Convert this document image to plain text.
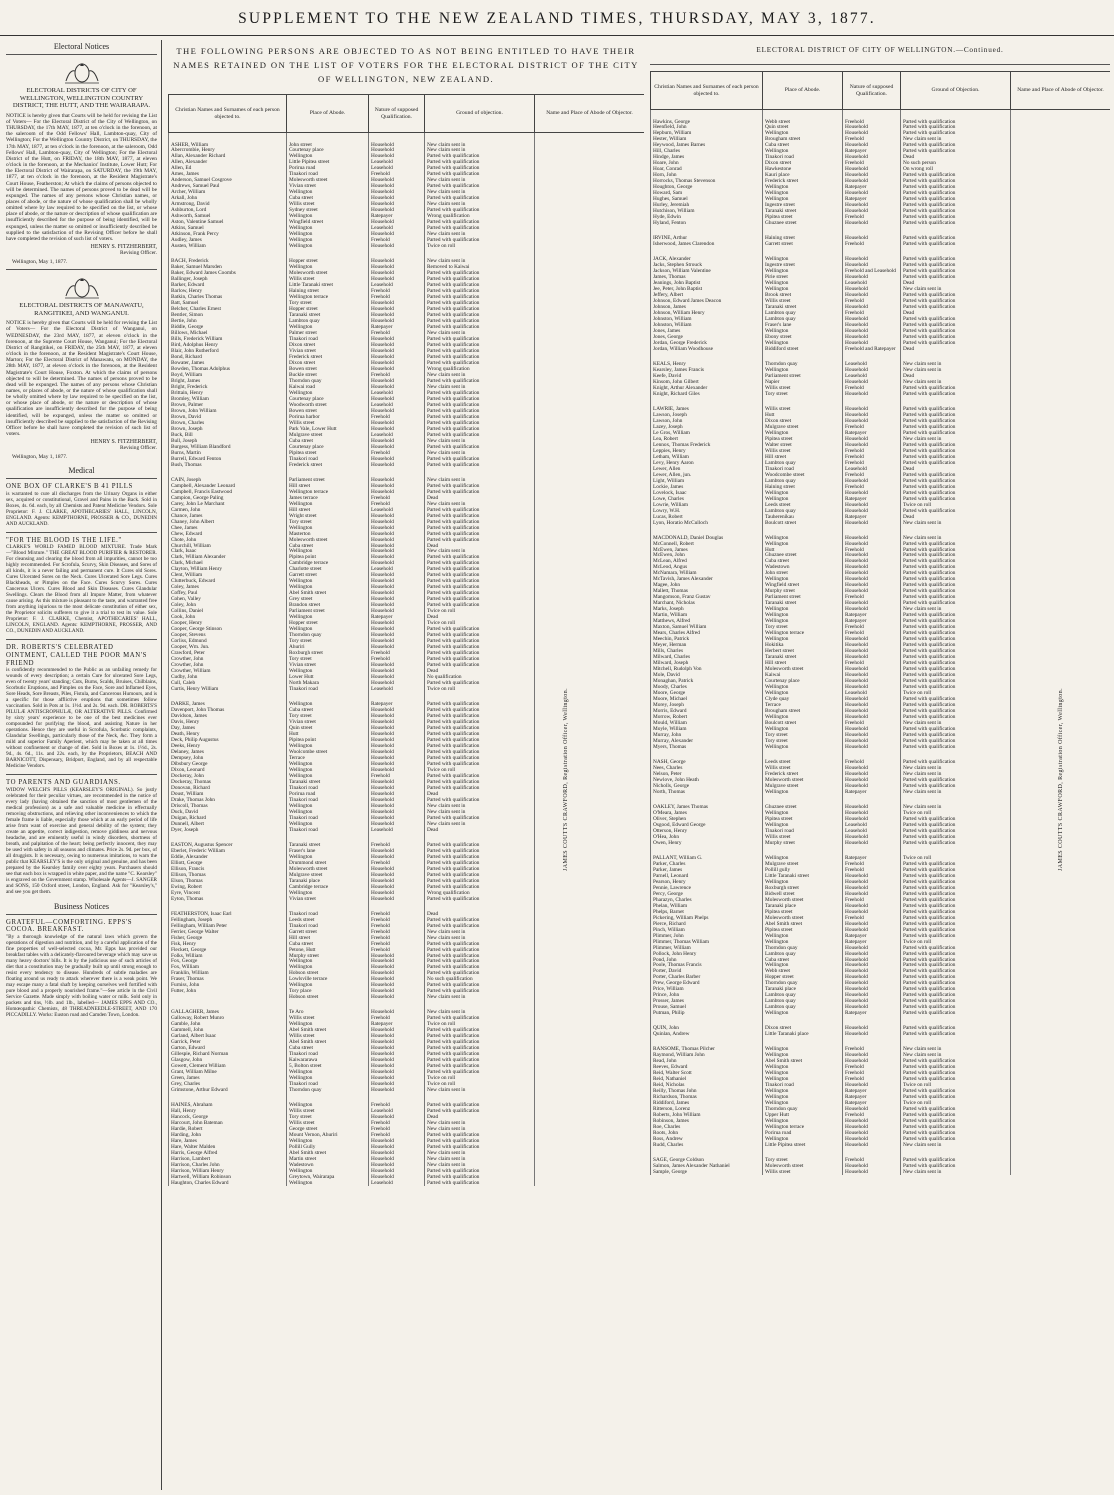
SUPPLEMENT TO THE NEW ZEALAND TIMES, THURSDAY, MAY 3, 1877.
Electoral Notices
ELECTORAL DISTRICTS OF CITY OF WELLINGTON, WELLINGTON COUNTRY DISTRICT, THE HUTT, AND THE WAIRARAPA.
NOTICE is hereby given that Courts will be held for revising the List of Voters— For the Electoral District of the City of Wellington, on THURSDAY, the 17th MAY, 1877, at ten o'clock in the forenoon, at the saleroom of the Odd Fellows' Hall, Lambton-quay, City of Wellington; For the Wellington Country District, on THURSDAY, the 17th MAY, 1877, at ten o'clock in the forenoon, at the saleroom, Odd Fellows' Hall, Lambton-quay, City of Wellington; For the Electoral District of the Hutt, on FRIDAY, the 18th MAY, 1877, at eleven o'clock in the forenoon, at the Mechanics' Institute, Lower Hutt; For the Electoral District of Wairarapa, on SATURDAY, the 19th MAY, 1877, at ten o'clock in the forenoon, at the Resident Magistrate's Court House, Featherston; At which the claims of persons objected to will be determined. The names of persons proved to be dead will be expunged. The names of any persons whose Christian names, or places of abode, or the nature of whose qualification shall be wholly omitted where by law required to be specified on the list, or whose place of abode, or the nature or description of whose qualification are insufficiently described for the purpose of being identified, will be expunged, unless the matter so omitted or insufficiently described be supplied to the satisfaction of the Revising Officer before he shall have completed the revision of such list of voters.
HENRY S. FITZHERBERT,
Revising Officer.
Wellington, May 1, 1877.
ELECTORAL DISTRICTS OF MANAWATU, RANGITIKEI, AND WANGANUI.
NOTICE is hereby given that Courts will be held for revising the List of Voters— For the Electoral District of Wanganui, on WEDNESDAY, the 23rd MAY, 1877, at eleven o'clock in the forenoon, at the Supreme Court House, Wanganui; For the Electoral District of Rangitikei, on FRIDAY, the 25th MAY, 1877, at eleven o'clock in the forenoon, at the Resident Magistrate's Court House, Marton; For the Electoral District of Manawatu, on MONDAY, the 28th MAY, 1877, at eleven o'clock in the forenoon, at the Resident Magistrate's Court House, Foxton. At which the claims of persons objected to will be determined. The names of persons proved to be dead will be expunged. The names of any persons whose Christian names, or places of abode, or the nature of whose qualification shall be wholly omitted where by law required to be specified on the list, or whose place of abode, or the nature or description of whose qualification are insufficiently described for the purpose of being identified, will be expunged, unless the matter so omitted or insufficiently described be supplied to the satisfaction of the Revising Officer before he shall have completed the revision of such list of voters.
HENRY S. FITZHERBERT,
Revising Officer.
Wellington, May 1, 1877.
Medical
ONE BOX OF CLARKE'S B 41 PILLS
is warranted to cure all discharges from the Urinary Organs in either sex, acquired or constitutional, Gravel and Pains in the Back. Sold in Boxes, 4s. 6d. each, by all Chemists and Patent Medicine Vendors. Sole Proprietor: F. J. CLARKE, APOTHECARIES' HALL, LINCOLN, ENGLAND. Agents: KEMPTHORNE, PROSSER & CO., DUNEDIN AND AUCKLAND.
"FOR THE BLOOD IS THE LIFE."
CLARKE'S WORLD FAMED BLOOD MIXTURE. Trade Mark—"Blood Mixture." THE GREAT BLOOD PURIFIER & RESTORER. For cleansing and clearing the blood from all impurities, cannot be too highly recommended. For Scrofula, Scurvy, Skin Diseases, and Sores of all kinds, it is a never failing and permanent cure. It Cures old Sores. Cures Ulcerated Sores on the Neck. Cures Ulcerated Sore Legs. Cures Blackheads, or Pimples on the Face. Cures Scurvy Sores. Cures Cancerous Ulcers. Cures Blood and Skin Diseases. Cures Glandular Swellings. Clears the Blood from all Impure Matter, from whatever cause arising. As this mixture is pleasant to the taste, and warranted free from anything injurious to the most delicate constitution of either sex, the Proprietor solicits sufferers to give it a trial to test its value. Sole Proprietor: F. J. CLARKE, Chemist, APOTHECARIES' HALL, LINCOLN, ENGLAND. Agents: KEMPTHORNE, PROSSER, AND CO., DUNEDIN AND AUCKLAND.
DR. ROBERTS'S CELEBRATED OINTMENT, CALLED THE POOR MAN'S FRIEND
is confidently recommended to the Public as an unfailing remedy for wounds of every description; a certain Cure for ulcerated Sore Legs, even of twenty years' standing; Cuts, Burns, Scalds, Bruises, Chilblains, Scorbutic Eruptions, and Pimples on the Face, Sore and Inflamed Eyes, Sore Heads, Sore Breasts, Piles, Fistula, and Cancerous Humours, and is a specific for those afflictive eruptions that sometimes follow vaccination. Sold in Pots at 1s. 1½d. and 2s. 9d. each. DR. ROBERTS'S PILULÆ ANTISCROPHULÆ, OR ALTERATIVE PILLS. Confirmed by sixty years' experience to be one of the best medicines ever compounded for purifying the blood, and assisting Nature in her operations. Hence they are useful in Scrofula, Scorbutic complaints, Glandular Swellings, particularly those of the Neck, &c. They form a mild and superior Family Aperient, which may be taken at all times without confinement or change of diet. Sold in Boxes at 1s. 1½d., 2s. 9d., 4s. 6d., 11s. and 22s. each, by the Proprietors, BEACH AND BARNICOTT, Dispensary, Bridport, England, and by all respectable Medicine Vendors.
TO PARENTS AND GUARDIANS.
WIDOW WELCH'S PILLS (KEARSLEY'S ORIGINAL). So justly celebrated for their peculiar virtues, are recommended in the notice of every lady (having obtained the sanction of most gentlemen of the medical profession) as a safe and valuable medicine in effectually removing obstructions, and relieving other inconveniences to which the female frame is liable, especially those which at an early period of life arise from want of exercise and general debility of the system; they create an appetite, correct indigestion, remove giddiness and nervous headache, and are eminently useful in windy disorders, shortness of breath, and palpitation of the heart; being perfectly innocent, they may be used with safety in all seasons and climates. Price 2s. 9d. per box, of all druggists. It is necessary, owing to numerous imitations, to warn the public that KEARSLEY'S is the only original and genuine, and has been prepared by the Kearsley family over eighty years. Purchasers should see that each box is wrapped in white paper, and the name "C. Kearsley" is engraved on the Government stamp. Wholesale Agents—J. SANGER and SONS, 150 Oxford street, London, England. Ask for "Kearsley's," and see you get them.
Business Notices
GRATEFUL—COMFORTING. EPPS'S COCOA. BREAKFAST.
"By a thorough knowledge of the natural laws which govern the operations of digestion and nutrition, and by a careful application of the fine properties of well-selected cocoa, Mr. Epps has provided our breakfast tables with a delicately-flavoured beverage which may save us many heavy doctors' bills. It is by the judicious use of such articles of diet that a constitution may be gradually built up until strong enough to resist every tendency to disease. Hundreds of subtle maladies are floating around us ready to attack wherever there is a weak point. We may escape many a fatal shaft by keeping ourselves well fortified with pure blood and a properly nourished frame."—See article in the Civil Service Gazette. Made simply with boiling water or milk. Sold only in packets and tins, ½lb. and 1lb., labelled— JAMES EPPS AND CO., Homœopathic Chemists, 48 THREADNEEDLE-STREET, AND 170 PICCADILLY. Works: Euston road and Camden Town, London.
THE FOLLOWING PERSONS ARE OBJECTED TO AS NOT BEING ENTITLED TO HAVE THEIR NAMES RETAINED ON THE LIST OF VOTERS FOR THE ELECTORAL DISTRICT OF THE CITY OF WELLINGTON, NEW ZEALAND.
Christian Names and Surnames of each person objected to.	Place of Abode.	Nature of supposed Qualification.	Ground of objection.	Name and Place of Abode of Objector.

ASHER, William	John street	Household	New claim sent in	
Abercrombie, Henry	Courtenay place	Household	New claim sent in	
Allan, Alexander Richard	Wellington	Household	Parted with qualification	
Allen, Alexander	Little Pipitea street	Leasehold	Parted with qualification	
Allen, Ed	Porirua road	Leasehold	Parted with qualification	
Ames, James	Tinakori road	Freehold	Parted with qualification	
Anderson, Samuel Cosgrove	Molesworth street	Household	New claim sent in	
Andrews, Samuel Paul	Vivian street	Household	Parted with qualification	
Archer, William	Wellington	Household	New claim sent in	
Arkall, John	Cuba street	Household	Parted with qualification	
Armstrong, David	Willis street	Household	New claim sent in	
Ashburton, Lord	Sydney street	Household	Parted with qualification	
Ashworth, Samuel	Wellington	Ratepayer	Wrong qualification	
Aston, Valentine Samuel	Wingfield street	Household	Parted with qualification	
Atkins, Samuel	Wellington	Leasehold	Parted with qualification	
Atkinson, Frank Percy	Wellington	Household	New claim sent in	
Audley, James	Wellington	Freehold	Parted with qualification	
Austen, William	Wellington	Household	Twice on roll	

BACH, Frederick	Hopper street	Household	New claim sent in	
Baker, Samuel Marsden	Wellington	Household	Removed to Kaiwai	
Baker, Edward James Coombs	Molesworth street	Household	Parted with qualification	
Ballinger, Joseph	Willis street	Household	Parted with qualification	
Barker, Edward	Little Taranaki street	Leasehold	Parted with qualification	
Barlow, Henry	Haining street	Freehold	Parted with qualification	
Batkin, Charles Thomas	Wellington terrace	Freehold	Parted with qualification	
Batt, Samuel	Tory street	Household	Parted with qualification	
Belcher, Charles Ernest	Hopper street	Household	Parted with qualification	
Bentler, Simon	Taranaki street	Household	Parted with qualification	
Bertie, John	Lambton quay	Household	Parted with qualification	
Biddle, George	Wellington	Ratepayer	Parted with qualification	
Billows, Michael	Palmer street	Freehold	New claim sent in	
Bills, Frederick William	Tinakori road	Household	Parted with qualification	
Bird, Adolphus Henry	Dixon street	Household	Parted with qualification	
Blair, John Rutherford	Vivian street	Household	Parted with qualification	
Bond, Richard	Frederick street	Household	Parted with qualification	
Bowater, James	Dixon street	Household	Parted with qualification	
Bowden, Thomas Adolphus	Bowen street	Household	Wrong qualification	
Boyd, William	Buckle street	Freehold	New claim sent in	
Bright, James	Thorndon quay	Household	Parted with qualification	
Bright, Frederick	Kaiwai road	Household	New claim sent in	
Brittain, Henry	Wellington	Leasehold	Parted with qualification	
Bromley, William	Courtenay place	Household	Parted with qualification	
Brown, Palmer	Woodworth street	Leasehold	Parted with qualification	
Brown, John William	Bowen street	Household	Parted with qualification	
Brown, David	Porirua harbor	Freehold	Parted with qualification	
Brown, Charles	Willis street	Household	Parted with qualification	
Brown, Joseph	Park Vale, Lower Hutt	Household	Parted with qualification	
Buck, Bill	Mulgrave street	Leasehold	Parted with qualification	
Bull, Joseph	Cuba street	Household	New claim sent in	
Burgess, William Blandford	Courtenay place	Household	Parted with qualification	
Burns, Martin	Pipitea street	Freehold	New claim sent in	
Burrell, Edward Fenton	Tinakori road	Household	Parted with qualification	
Bush, Thomas	Frederick street	Household	Parted with qualification	

CAIN, Joseph	Parliament street	Household	New claim sent in	
Campbell, Alexander Leonard	Hill street	Household	Parted with qualification	
Campbell, Francis Eastwood	Wellington terrace	Household	Parted with qualification	
Campion, George Paling	James terrace	Freehold	Dead	
Carey, John Le Marchant	Wellington	Freehold	New claim sent in	
Carmen, John	Hill street	Leasehold	Parted with qualification	
Chance, James	Wright street	Household	Parted with qualification	
Chaney, John Albert	Tory street	Household	Parted with qualification	
Chee, James	Wellington	Household	Parted with qualification	
Chew, Edward	Masterton	Household	Parted with qualification	
Chote, John	Molesworth street	Household	Parted with qualification	
Churchill, William	Cuba street	Household	Dead	
Clark, Isaac	Wellington	Household	New claim sent in	
Clark, William Alexander	Pipitea point	Household	Parted with qualification	
Clark, Michael	Cambridge terrace	Household	Parted with qualification	
Clayton, William Henry	Charlotte street	Leasehold	Parted with qualification	
Clent, William	Garrett street	Household	Parted with qualification	
Clutterbuck, Edward	Wellington	Household	Parted with qualification	
Coley, James	Wellington	Household	Parted with qualification	
Coffey, Paul	Abel Smith street	Household	Parted with qualification	
Cohen, Valley	Grey street	Household	Parted with qualification	
Coley, John	Brandon street	Household	Parted with qualification	
Collins, Daniel	Parliament street	Household	Twice on roll	
Cook, John	Wellington	Ratepayer	Dead	
Cooper, Henry	Hopper street	Household	Twice on roll	
Cooper, George Stinson	Wellington	Household	Parted with qualification	
Cooper, Stevens	Thorndon quay	Household	Parted with qualification	
Corliss, Edmund	Tory street	Household	Parted with qualification	
Cooper, Wm. Jun.	Ahuriri	Household	Parted with qualification	
Crawford, Peter	Roxburgh street	Freehold	Parted with qualification	
Crowther, John	Tory street	Freehold	Parted with qualification	
Crowther, John	Vivian street	Household	Parted with qualification	
Crowther, William	Wellington	Household	Dead	
Cudby, John	Lower Hutt	Household	No qualification	
Cull, Caleb	North Makara	Household	Parted with qualification	
Curtis, Henry William	Tinakori road	Leasehold	Twice on roll	

DARKE, James	Wellington	Ratepayer	Parted with qualification	
Davenport, John Thomas	Cuba street	Household	Parted with qualification	
Davidson, James	Tory street	Household	Parted with qualification	
Davis, Henry	Vivian street	Household	Parted with qualification	
Day, James	Quin street	Household	Parted with qualification	
Death, Henry	Hutt	Household	Parted with qualification	
Deck, Philip Augustus	Pipitea point	Household	Parted with qualification	
Deeks, Henry	Wellington	Household	Parted with qualification	
Delaney, James	Woolcombe street	Household	Parted with qualification	
Dempsey, John	Terrace	Household	Parted with qualification	
Dibsbury George	Wellington	Household	Parted with qualification	
Dixon, Leonard	Wellington	Household	Twice on roll	
Dockeray, John	Wellington	Freehold	Parted with qualification	
Dockeray, Thomas	Taranaki street	Household	Parted with qualification	
Donovan, Richard	Tinakori road	Household	Parted with qualification	
Doust, William	Porirua road	Household	Dead	
Drake, Thomas John	Tinakori road	Household	Parted with qualification	
Driscoll, Thomas	Wellington	Household	New claim sent in	
Duck, David	Wellington	Household	New claim sent in	
Duigan, Richard	Tinakori road	Household	Parted with qualification	
Dunnell, Albert	Wellington	Household	New claim sent in	
Dyer, Joseph	Tinakori road	Leasehold	Dead	

EASTON, Augustus Spencer	Taranaki street	Freehold	Parted with qualification	
Eberlet, Frederic William	Fraser's lane	Household	Parted with qualification	
Eddie, Alexander	Wellington	Household	Parted with qualification	
Elliott, George	Drummond street	Freehold	Parted with qualification	
Ellison, Francis	Molesworth street	Household	Parted with qualification	
Ellison, Thomas	Mulgrave street	Household	Parted with qualification	
Elson, Thomas	Taranaki place	Household	Parted with qualification	
Ewing, Robert	Cambridge terrace	Household	Parted with qualification	
Eyre, Vincent	Wellington	Household	Wrong qualification	
Eyton, Thomas	Vivian street	Household	Parted with qualification	

FEATHERSTON, Isaac Earl	Tinakori road	Freehold	Dead	
Fellingham, Joseph	Leeds street	Freehold	Parted with qualification	
Fellingham, William Peter	Tinakori road	Freehold	Parted with qualification	
Ferrier, George Walter	Garrett street	Freehold	New claim sent in	
Fisher, George	Hill street	Freehold	New claim sent in	
Fisk, Henry	Cuba street	Freehold	Parted with qualification	
Fleckett, George	Petone, Hutt	Freehold	Parted with qualification	
Folks, William	Murphy street	Household	Parted with qualification	
Fox, George	Wellington	Household	Parted with qualification	
Fox, William	Wellington	Household	Parted with qualification	
Franklin, William	Hobson street	Household	Parted with qualification	
Fraser, Thomas	Lowlsville terrace	Household	No such qualification	
Furniss, John	Wellington	Household	Parted with qualification	
Futter, John	Tory place	Household	Parted with qualification	
	Hobson street	Household	New claim sent in	

GALLAGHER, James	Te Aro	Household	New claim sent in	
Galloway, Robert Munro	Willis street	Freehold	Parted with qualification	
Gamble, John	Wellington	Ratepayer	Twice on roll	
Gammell, John	Abel Smith street	Household	Parted with qualification	
Garland, Albert Isaac	Willis street	Household	Parted with qualification	
Garrick, Peter	Abel Smith street	Household	Parted with qualification	
Garton, Edward	Cuba street	Household	Parted with qualification	
Gillespie, Richard Norman	Tinakori road	Household	Parted with qualification	
Glasgow, John	Kaiwararawa	Household	Parted with qualification	
Gowett, Clement William	5, Bolton street	Household	Parted with qualification	
Grant, William Milne	Wellington	Household	Parted with qualification	
Green, James	Wellington	Household	Twice on roll	
Grey, Charles	Tinakori road	Household	Twice on roll	
Grimstone, Arthur Edward	Thorndon quay	Household	New claim sent in	

HAINES, Abraham	Wellington	Freehold	Parted with qualification	
Hall, Henry	Willis street	Leasehold	Parted with qualification	
Hancock, George	Tory street	Household	Dead	
Harcourt, John Bateman	Willis street	Freehold	New claim sent in	
Hardie, Robert	George street	Freehold	New claim sent in	
Harding, John	Mount Vernon, Ahuriri	Freehold	Parted with qualification	
Hare, James	Wellington	Household	Parted with qualification	
Hare, Walter Malden	Pollill Gully	Household	Parted with qualification	
Harris, George Alfred	Abel Smith street	Household	New claim sent in	
Harrison, Lambert	Martin street	Household	New claim sent in	
Harrison, Charles John	Wadestown	Household	New claim sent in	
Harrison, William Henry	Wellington	Household	Parted with qualification	
Hartwell, William Robinson	Greytown, Wairarapa	Household	Parted with qualification	
Haughton, Charles Edward	Wellington	Leasehold	Parted with qualification	
JAMES COUTTS CRAWFORD, Registration Officer, Wellington.
ELECTORAL DISTRICT OF CITY OF WELLINGTON.—Continued.
Christian Names and Surnames of each person objected to.	Place of Abode.	Nature of supposed Qualification.	Ground of Objection.	Name and Place of Abode of Objector.

Hawkins, George	Webb street	Freehold	Parted with qualification	
Heenfield, John	Quin street	Household	Parted with qualification	
Hepburn, William	Wellington	Household	Parted with qualification	
Hester, William	Brougham street	Freehold	New claim sent in	
Heywood, James Barnes	Cuba street	Household	Parted with qualification	
Hill, Charles	Wellington	Ratepayer	Parted with qualification	
Hindge, James	Tinakori road	Household	Dead	
Hoare, John	Dixon street	Freehold	No such person	
Hoar, Conrad	Hawkestone	Household	On wrong roll	
Horn, John	Kauri place	Household	Parted with qualification	
Horrocks, Thomas Stevenson	Frederick street	Household	Parted with qualification	
Houghton, George	Wellington	Ratepayer	Parted with qualification	
Howard, Sam	Wellington	Household	Parted with qualification	
Hughes, Samuel	Wellington	Ratepayer	Parted with qualification	
Hurley, Jeremiah	Ingestre street	Household	Parted with qualification	
Hutchison, William	Taranaki street	Household	Parted with qualification	
Hyde, Edwin	Pipitea street	Freehold	Parted with qualification	
Hyland, Fenton	Ghuznee street	Household	Parted with qualification	

IRVINE, Arthur	Haining street	Household	Parted with qualification	
Isherwood, James Clarendon	Garrett street	Freehold	Parted with qualification	

JACK, Alexander	Wellington	Household	Parted with qualification	
Jacks, Stephen Strouck	Ingestre street	Household	Parted with qualification	
Jackson, William Valentine	Wellington	Freehold and Leasehold	Parted with qualification	
James, Thomas	Pirie street	Household	Parted with qualification	
Jeanings, John Baptist	Wellington	Leasehold	Dead	
Jee, Peter, John Baptist	Wellington	Household	New claim sent in	
Jeffery, Albert	Brook street	Household	Parted with qualification	
Johnson, Edward James Deacon	Willis street	Freehold	Parted with qualification	
Johnson, James	Taranaki street	Household	Parted with qualification	
Johnson, William Henry	Lambton quay	Freehold	Dead	
Johnston, William	Lambton quay	Household	Parted with qualification	
Johnston, William	Fraser's lane	Household	Parted with qualification	
Jones, James	Wellington	Household	Parted with qualification	
Jones, George	Ebony street	Household	Parted with qualification	
Jordan, George Frederick	Wellington	Household	Parted with qualification	
Jordan, William Woodhouse	Biddiford street	Freehold and Ratepayer	Dead	

KEALS, Henry	Thorndon quay	Leasehold	New claim sent in	
Kearsley, James Francis	Wellington	Household	New claim sent in	
Keefe, David	Parliament street	Leasehold	Dead	
Kinsom, John Gilbert	Napier	Household	New claim sent in	
Knight, Arthur Alexander	Willis street	Freehold	Parted with qualification	
Knight, Richard Giles	Tory street	Household	Parted with qualification	

LAWRIE, James	Willis street	Household	Parted with qualification	
Lawson, Joseph	Hutt	Household	Parted with qualification	
Lawson, John	Dixon street	Household	Parted with qualification	
Lazey, Joseph	Mulgrave street	Freehold	Parted with qualification	
Le Gros, William	Wellington	Ratepayer	Parted with qualification	
Lea, Robert	Pipitea street	Household	New claim sent in	
Lennox, Thomas Frederick	Walter street	Household	Parted with qualification	
Leppies, Henry	Willis street	Freehold	Parted with qualification	
Letham, William	Hill street	Freehold	Parted with qualification	
Levy, Henry Aaron	Lambton quay	Freehold	Parted with qualification	
Lewer, Allen	Tinakori road	Leasehold	Dead	
Lewer, Allen, jun.	Woodcombe street	Freehold	Parted with qualification	
Light, William	Lambton quay	Household	Parted with qualification	
Lockie, James	Haining street	Freehold	Parted with qualification	
Lovelock, Isaac	Wellington	Household	Parted with qualification	
Lowe, Charles	Wellington	Ratepayer	Parted with qualification	
Lowrie, William	Leeds street	Household	Twice on roll	
Lowry, W.H.	Lambton quay	Household	Parted with qualification	
Lucas, Robert	Tauherenikau	Ratepayer	Dead	
Lyon, Horatio McCulloch	Boulcott street	Household	New claim sent in	

MACDONALD, Daniel Douglas	Wellington	Household	New claim sent in	
McConnell, Robert	Wellington	Household	Parted with qualification	
McEwen, James	Hutt	Freehold	Parted with qualification	
McEwen, John	Ghuznee street	Household	Parted with qualification	
McLean, Alfred	Cuba street	Household	Parted with qualification	
McLeod, Angus	Wadestown	Household	Parted with qualification	
McNamara, William	John street	Household	Parted with qualification	
McTavish, James Alexander	Wellington	Household	Parted with qualification	
Magee, John	Wingfield street	Household	Parted with qualification	
Mallett, Thomas	Murphy street	Household	Parted with qualification	
Mangomson, Franz Gustav	Parliament street	Freehold	Parted with qualification	
Marchant, Nicholas	Taranaki street	Household	Parted with qualification	
Marks, Joseph	Wellington	Household	New claim sent in	
Martin, William	Wellington	Ratepayer	Parted with qualification	
Matthews, Alfred	Wellington	Ratepayer	Parted with qualification	
Maxton, Samuel William	Tory street	Freehold	Parted with qualification	
Mears, Charles Alfred	Wellington terrace	Freehold	Parted with qualification	
Meechin, Patrick	Wellington	Household	Parted with qualification	
Meyer, Herman	Hokitika	Household	Parted with qualification	
Mills, Charles	Herbert street	Household	Parted with qualification	
Milward, Charles	Taranaki street	Household	Parted with qualification	
Milward, Joseph	Hill street	Freehold	Parted with qualification	
Mitchell, Rudolph Von	Molesworth street	Household	Parted with qualification	
Mole, David	Kaiwai	Household	Parted with qualification	
Monaghan, Patrick	Courtenay place	Household	Parted with qualification	
Moody, Charles	Wellington	Household	Parted with qualification	
Moore, George	Wellington	Leasehold	Twice on roll	
Moore, Michael	Clyde quay	Household	Parted with qualification	
Morey, Joseph	Terrace	Household	Parted with qualification	
Morris, Edward	Brougham street	Household	Parted with qualification	
Morrow, Robert	Wellington	Household	Parted with qualification	
Mould, William	Boulcott street	Freehold	New claim sent in	
Moyle, William	Wellington	Household	Parted with qualification	
Murray, John	Tory street	Household	Parted with qualification	
Murray, Alexander	Tory street	Household	Parted with qualification	
Myers, Thomas	Wellington	Household	Parted with qualification	

NASH, George	Leeds street	Freehold	Parted with qualification	
Nees, Charles	Willis street	Household	New claim sent in	
Nelson, Peter	Frederick street	Household	New claim sent in	
Newlove, John Heath	Molesworth street	Household	Parted with qualification	
Nicholls, George	Mulgrave street	Household	Parted with qualification	
North, Thomas	Wellington	Ratepayer	New claim sent in	

OAKLEY, James Thomas	Ghuznee street	Household	New claim sent in	
O'Meara, James	Wellington	Household	Twice on roll	
Oliver, Stephen	Pipitea street	Household	Parted with qualification	
Osgood, Edward George	Wellington	Leasehold	Parted with qualification	
Otterson, Henry	Tinakori road	Leasehold	Parted with qualification	
O'Hea, John	Willis street	Household	Parted with qualification	
Owen, Henry	Murphy street	Household	Parted with qualification	

PALLANT, William G.	Wellington	Ratepayer	Twice on roll	
Parker, Charles	Mulgrave street	Freehold	Parted with qualification	
Parker, James	Pollill gully	Freehold	Parted with qualification	
Parnell, Leonard	Little Taranaki street	Household	Parted with qualification	
Pearson, Henry	Wellington	Household	Parted with qualification	
Pennie, Lawrence	Roxburgh street	Household	Parted with qualification	
Percy, George	Bidwell street	Household	Parted with qualification	
Pharazyn, Charles	Molesworth street	Freehold	Parted with qualification	
Phelan, William	Taranaki place	Household	Parted with qualification	
Phelps, Barnet	Pipitea street	Household	Parted with qualification	
Pickering, William Phelps	Molesworth street	Freehold	Parted with qualification	
Pierce, Richard	Abel Smith street	Household	Parted with qualification	
Pinch, William	Pipitea street	Household	Parted with qualification	
Plimmer, John	Wellington	Ratepayer	Parted with qualification	
Plimmer, Thomas William	Wellington	Ratepayer	Twice on roll	
Plimmer, William	Thorndon quay	Household	Parted with qualification	
Pollock, John Henry	Lambton quay	Household	Parted with qualification	
Pond, John	Cuba street	Household	Parted with qualification	
Poole, Thomas Francis	Wellington	Household	Parted with qualification	
Porter, David	Webb street	Household	Parted with qualification	
Porter, Charles Barber	Hopper street	Household	Parted with qualification	
Prew, George Edward	Thorndon quay	Household	Parted with qualification	
Price, William	Taranaki place	Household	Parted with qualification	
Prince, John	Lambton quay	Household	Parted with qualification	
Prosser, James	Lambton quay	Household	Parted with qualification	
Prouse, Samuel	Lambton quay	Household	Parted with qualification	
Putman, Philip	Wellington	Ratepayer	Parted with qualification	

QUIN, John	Dixon street	Household	Parted with qualification	
Quinlan, Andrew	Little Taranaki place	Household	Parted with qualification	

RANSOME, Thomas Pilcher	Wellington	Freehold	New claim sent in	
Raymond, William John	Wellington	Household	New claim sent in	
Read, John	Abel Smith street	Household	Parted with qualification	
Reeves, Edward	Wellington	Freehold	Parted with qualification	
Reid, Walter Scott	Wellington	Freehold	Parted with qualification	
Reid, Nathaniel	Wellington	Freehold	Parted with qualification	
Reid, Nicholas	Tinakori road	Household	Twice on roll	
Reilly, Thomas John	Wellington	Ratepayer	Parted with qualification	
Richardson, Thomas	Wellington	Ratepayer	Parted with qualification	
Riddiford, James	Wellington	Ratepayer	Twice on roll	
Ritterson, Lorenz	Thorndon quay	Household	Parted with qualification	
Roberts, John William	Upper Hutt	Freehold	Parted with qualification	
Robinson, James	Wellington	Household	Parted with qualification	
Roe, Charles	Wellington terrace	Household	Parted with qualification	
Roots, John	Porirua road	Household	Parted with qualification	
Ross, Andrew	Wellington	Household	Parted with qualification	
Rudd, Charles	Little Pipitea street	Household	New claim sent in	

SAGE, George Coldson	Tory street	Freehold	Parted with qualification	
Salmon, James Alexander Nathaniel	Molesworth street	Household	Parted with qualification	
Sample, George	Willis street	Household	New claim sent in	
JAMES COUTTS CRAWFORD, Registration Officer, Wellington.
